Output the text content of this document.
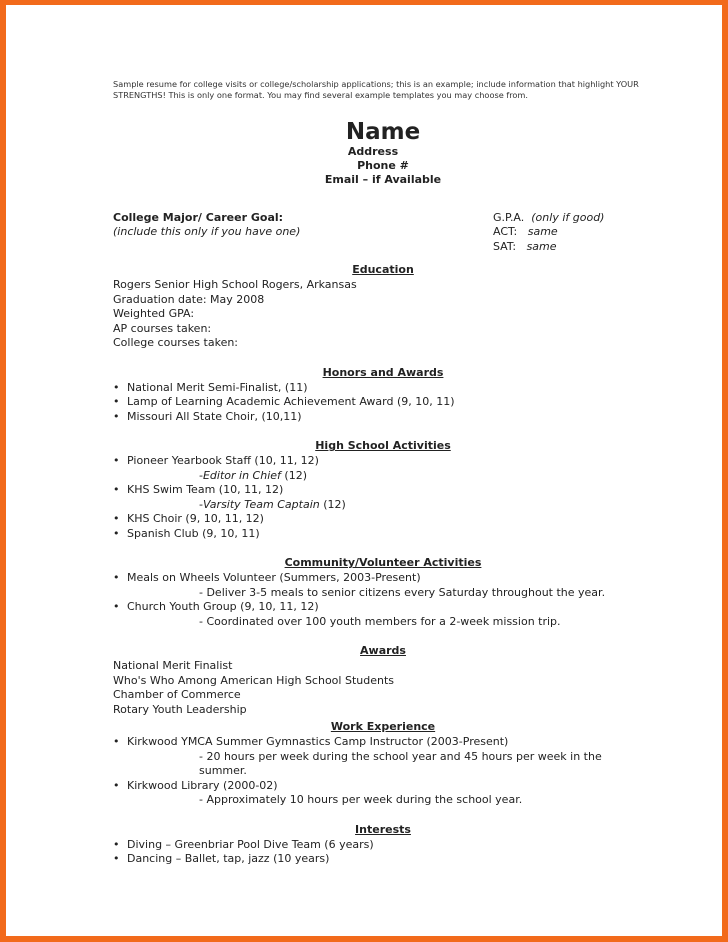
Sample resume for college visits or college/scholarship applications; this is an example; include information that highlight YOUR STRENGTHS! This is only one format. You may find several example templates you may choose from.
Name
Address
Phone #
Email – if Available
College Major/ Career Goal:
(include this only if you have one)
G.P.A. (only if good)
ACT: same
SAT: same
Education
Rogers Senior High School Rogers, Arkansas
Graduation date: May 2008
Weighted GPA:
AP courses taken:
College courses taken:
Honors and Awards
• National Merit Semi-Finalist, (11)
• Lamp of Learning Academic Achievement Award (9, 10, 11)
• Missouri All State Choir, (10,11)
High School Activities
• Pioneer Yearbook Staff (10, 11, 12)
-Editor in Chief (12)
• KHS Swim Team (10, 11, 12)
-Varsity Team Captain (12)
• KHS Choir (9, 10, 11, 12)
• Spanish Club (9, 10, 11)
Community/Volunteer Activities
• Meals on Wheels Volunteer (Summers, 2003-Present)
- Deliver 3-5 meals to senior citizens every Saturday throughout the year.
• Church Youth Group (9, 10, 11, 12)
- Coordinated over 100 youth members for a 2-week mission trip.
Awards
National Merit Finalist
Who's Who Among American High School Students
Chamber of Commerce
Rotary Youth Leadership
Work Experience
• Kirkwood YMCA Summer Gymnastics Camp Instructor (2003-Present)
- 20 hours per week during the school year and 45 hours per week in the
summer.
• Kirkwood Library (2000-02)
- Approximately 10 hours per week during the school year.
Interests
• Diving – Greenbriar Pool Dive Team (6 years)
• Dancing – Ballet, tap, jazz (10 years)
